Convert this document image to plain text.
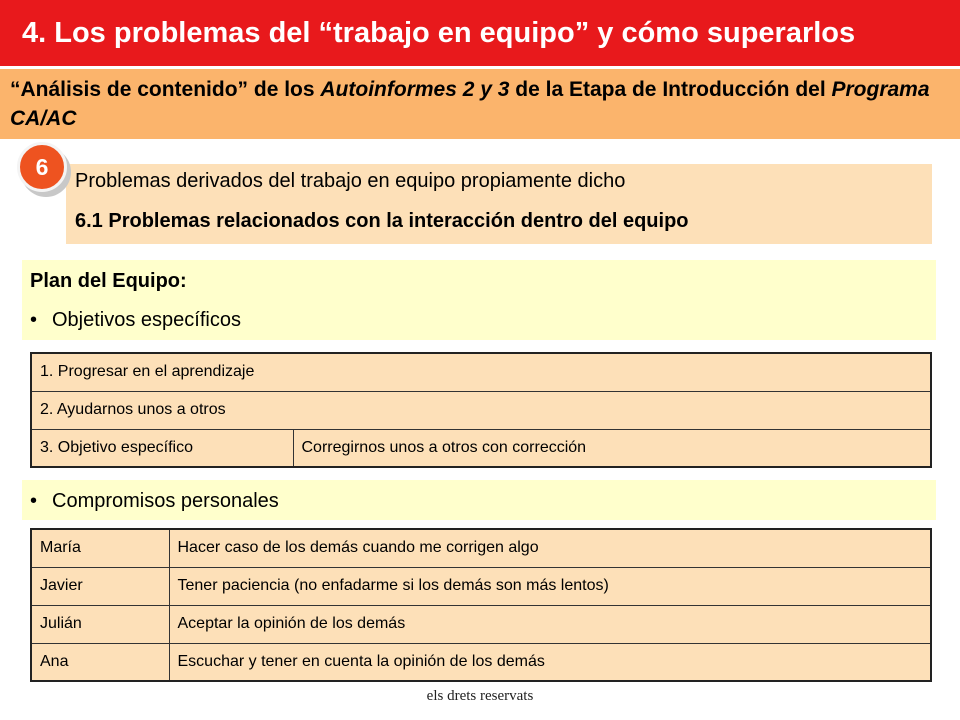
4. Los problemas del “trabajo en equipo” y cómo superarlos
“Análisis de contenido” de los Autoinformes 2 y 3 de la Etapa de Introducción del Programa CA/AC
6
Problemas derivados del trabajo en equipo propiamente dicho
6.1 Problemas relacionados con la interacción dentro del equipo
Plan del Equipo:
• Objetivos específicos
1. Progresar en el aprendizaje
2. Ayudarnos unos a otros
3. Objetivo específico	Corregirnos unos a otros con corrección
• Compromisos personales
María	Hacer caso de los demás cuando me corrigen algo
Javier	Tener paciencia (no enfadarme si los demás son más lentos)
Julián	Aceptar la opinión de los demás
Ana	Escuchar y tener en cuenta la opinión de los demás
els drets reservats
